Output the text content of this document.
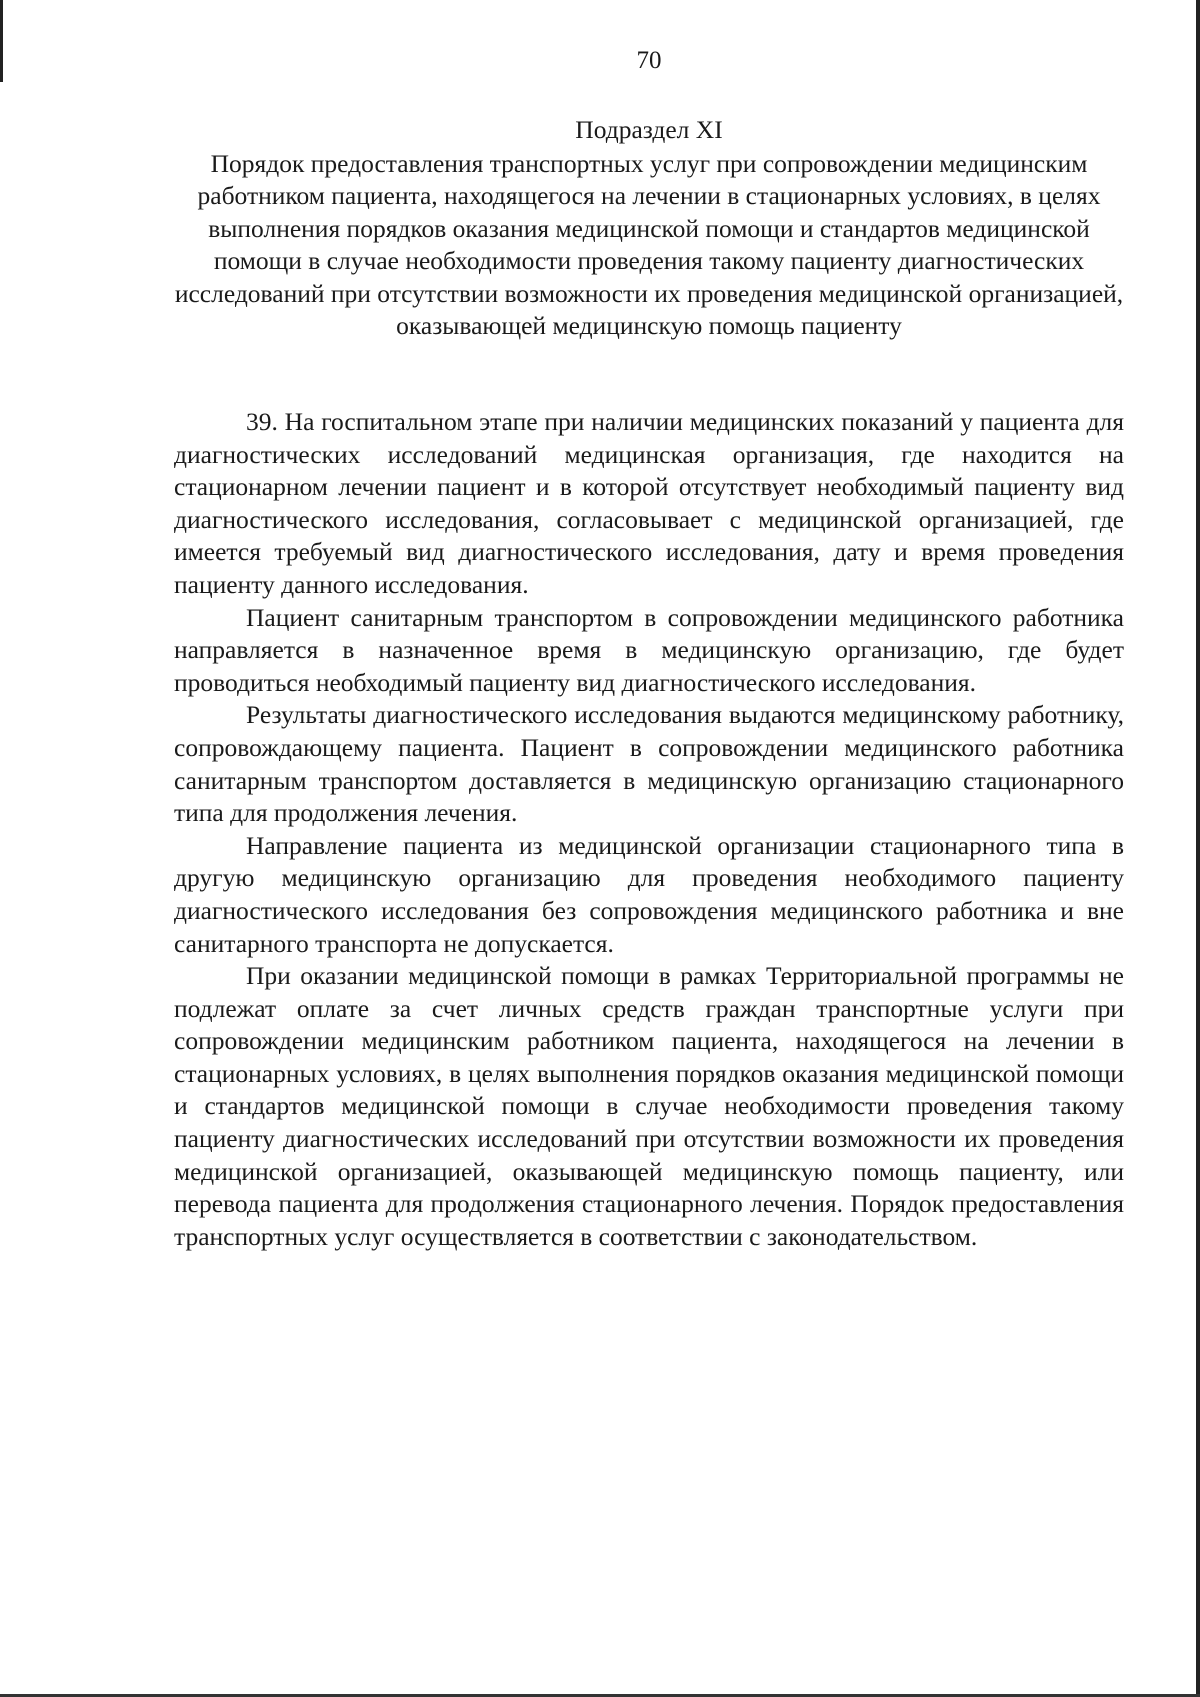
70
Подраздел XI
Порядок предоставления транспортных услуг при сопровождении медицинским работником пациента, находящегося на лечении в стационарных условиях, в целях выполнения порядков оказания медицинской помощи и стандартов медицинской помощи в случае необходимости проведения такому пациенту диагностических исследований при отсутствии возможности их проведения медицинской организацией, оказывающей медицинскую помощь пациенту

39. На госпитальном этапе при наличии медицинских показаний у пациента для диагностических исследований медицинская организация, где находится на стационарном лечении пациент и в которой отсутствует необходимый пациенту вид диагностического исследования, согласовывает с медицинской организацией, где имеется требуемый вид диагностического исследования, дату и время проведения пациенту данного исследования.

Пациент санитарным транспортом в сопровождении медицинского работника направляется в назначенное время в медицинскую организацию, где будет проводиться необходимый пациенту вид диагностического исследования.

Результаты диагностического исследования выдаются медицинскому работнику, сопровождающему пациента. Пациент в сопровождении медицинского работника санитарным транспортом доставляется в медицинскую организацию стационарного типа для продолжения лечения.

Направление пациента из медицинской организации стационарного типа в другую медицинскую организацию для проведения необходимого пациенту диагностического исследования без сопровождения медицинского работника и вне санитарного транспорта не допускается.

При оказании медицинской помощи в рамках Территориальной программы не подлежат оплате за счет личных средств граждан транспортные услуги при сопровождении медицинским работником пациента, находящегося на лечении в стационарных условиях, в целях выполнения порядков оказания медицинской помощи и стандартов медицинской помощи в случае необходимости проведения такому пациенту диагностических исследований при отсутствии возможности их проведения медицинской организацией, оказывающей медицинскую помощь пациенту, или перевода пациента для продолжения стационарного лечения. Порядок предоставления транспортных услуг осуществляется в соответствии с законодательством.
